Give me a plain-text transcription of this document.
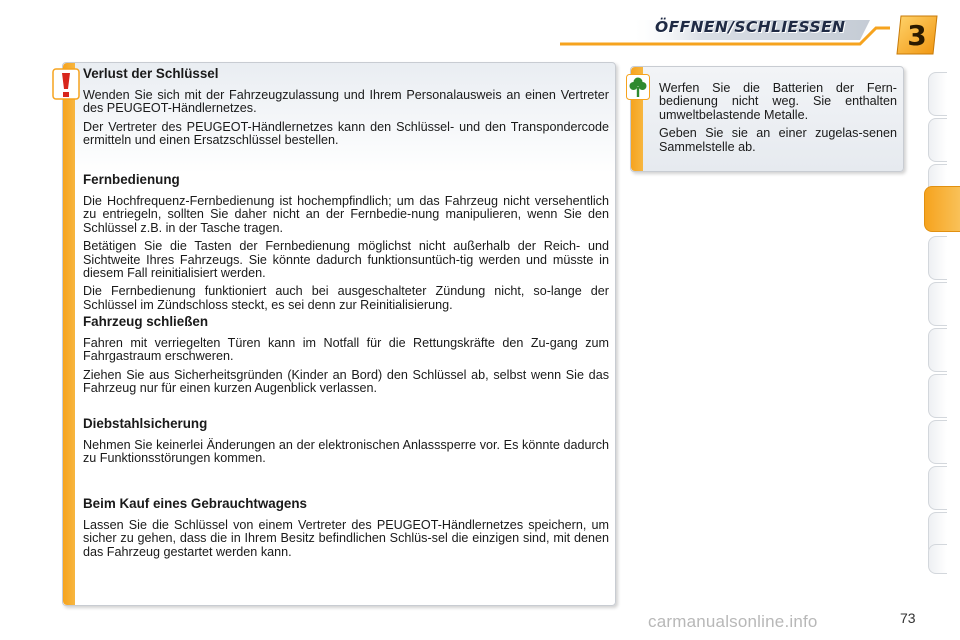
ÖFFNEN/SCHLIESSEN	3
Verlust der Schlüssel
Wenden Sie sich mit der Fahrzeugzulassung und Ihrem Personalausweis an einen Vertreter des PEUGEOT-Händlernetzes.
Der Vertreter des PEUGEOT-Händlernetzes kann den Schlüssel- und den Transpondercode ermitteln und einen Ersatzschlüssel bestellen.
Fernbedienung
Die Hochfrequenz-Fernbedienung ist hochempfindlich; um das Fahrzeug nicht versehentlich zu entriegeln, sollten Sie daher nicht an der Fernbedie-nung manipulieren, wenn Sie den Schlüssel z.B. in der Tasche tragen.
Betätigen Sie die Tasten der Fernbedienung möglichst nicht außerhalb der Reich- und Sichtweite Ihres Fahrzeugs. Sie könnte dadurch funktionsuntüch-tig werden und müsste in diesem Fall reinitialisiert werden.
Die Fernbedienung funktioniert auch bei ausgeschalteter Zündung nicht, so-lange der Schlüssel im Zündschloss steckt, es sei denn zur Reinitialisierung.
Fahrzeug schließen
Fahren mit verriegelten Türen kann im Notfall für die Rettungskräfte den Zu-gang zum Fahrgastraum erschweren.
Ziehen Sie aus Sicherheitsgründen (Kinder an Bord) den Schlüssel ab, selbst wenn Sie das Fahrzeug nur für einen kurzen Augenblick verlassen.
Diebstahlsicherung
Nehmen Sie keinerlei Änderungen an der elektronischen Anlasssperre vor. Es könnte dadurch zu Funktionsstörungen kommen.
Beim Kauf eines Gebrauchtwagens
Lassen Sie die Schlüssel von einem Vertreter des PEUGEOT-Händlernetzes speichern, um sicher zu gehen, dass die in Ihrem Besitz befindlichen Schlüs-sel die einzigen sind, mit denen das Fahrzeug gestartet werden kann.
Werfen Sie die Batterien der Fern-bedienung nicht weg. Sie enthalten umweltbelastende Metalle.
Geben Sie sie an einer zugelas-senen Sammelstelle ab.
carmanualsonline.info	73
